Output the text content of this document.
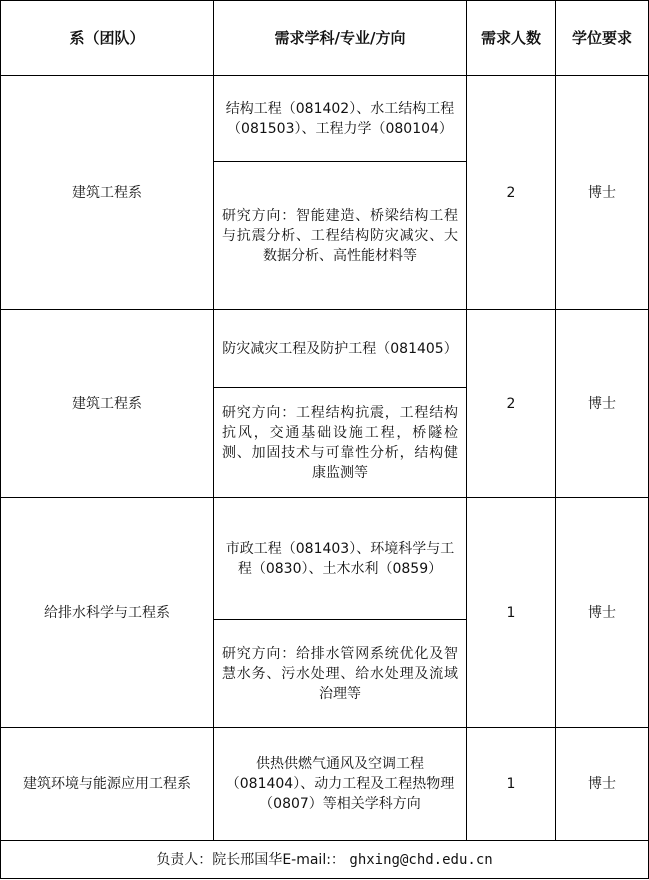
系（团队）	需求学科/专业/方向	需求人数	学位要求
建筑工程系	结构工程（081402）、水工结构工程（081503）、工程力学（080104）	2	博士
	研究方向：智能建造、桥梁结构工程与抗震分析、工程结构防灾减灾、大数据分析、高性能材料等		
建筑工程系	防灾减灾工程及防护工程（081405）	2	博士
	研究方向：工程结构抗震，工程结构抗风，交通基础设施工程，桥隧检测、加固技术与可靠性分析，结构健康监测等		
给排水科学与工程系	市政工程（081403）、环境科学与工程（0830）、土木水利（0859）	1	博士
	研究方向：给排水管网系统优化及智慧水务、污水处理、给水处理及流域治理等		
建筑环境与能源应用工程系	供热供燃气通风及空调工程（081404）、动力工程及工程热物理（0807）等相关学科方向	1	博士
负责人：院长邢国华E-mail:： ghxing@chd.edu.cn			
